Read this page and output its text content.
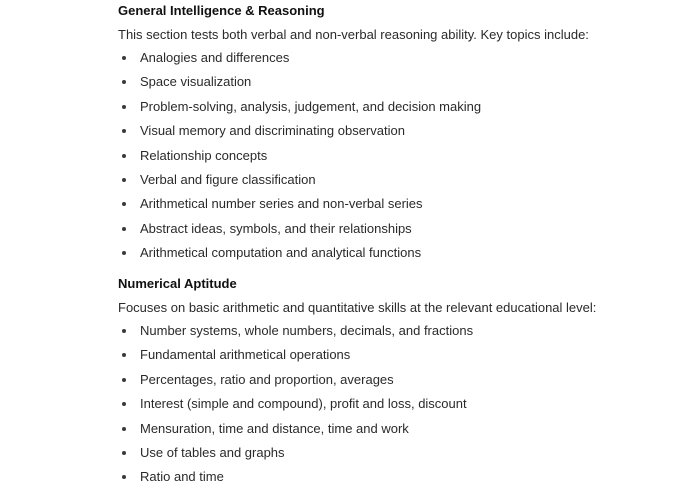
General Intelligence & Reasoning

This section tests both verbal and non-verbal reasoning ability. Key topics include:

Analogies and differences
Space visualization
Problem-solving, analysis, judgement, and decision making
Visual memory and discriminating observation
Relationship concepts
Verbal and figure classification
Arithmetical number series and non-verbal series
Abstract ideas, symbols, and their relationships
Arithmetical computation and analytical functions
Numerical Aptitude

Focuses on basic arithmetic and quantitative skills at the relevant educational level:

Number systems, whole numbers, decimals, and fractions
Fundamental arithmetical operations
Percentages, ratio and proportion, averages
Interest (simple and compound), profit and loss, discount
Mensuration, time and distance, time and work
Use of tables and graphs
Ratio and time
